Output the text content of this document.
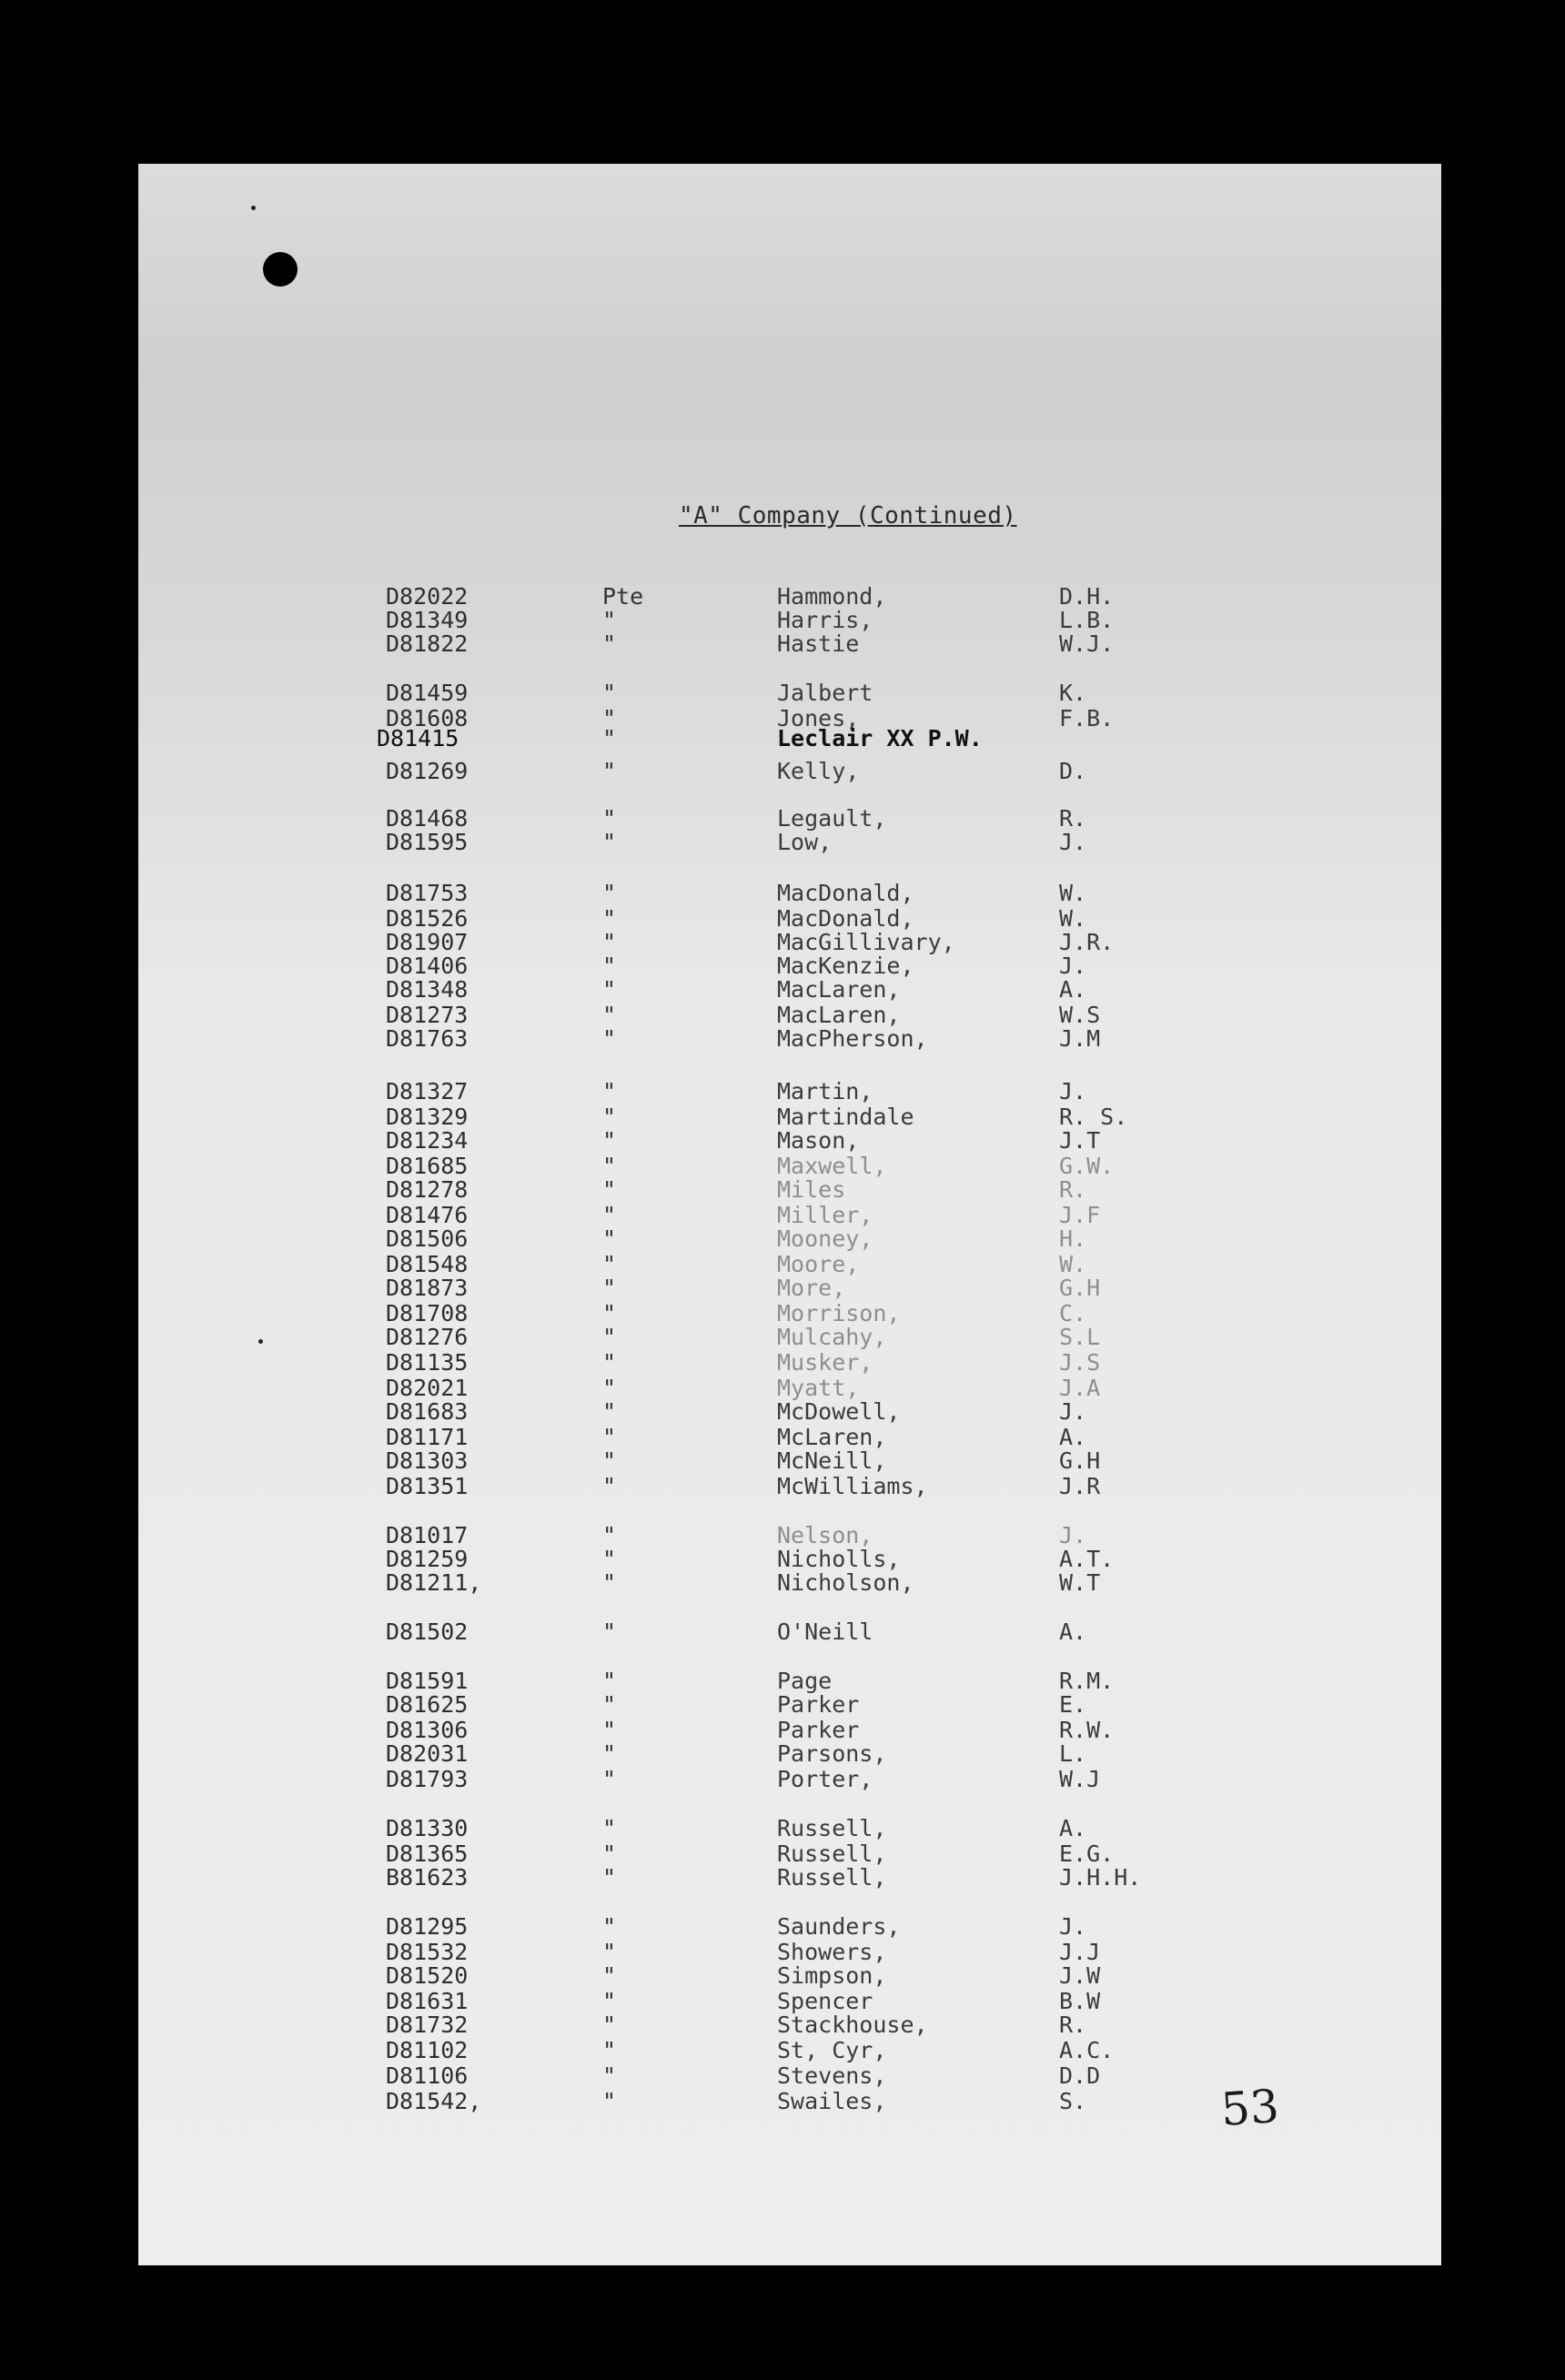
"A" Company (Continued)
D82022	Pte	Hammond,	D.H.
D81349	"	Harris,	L.B.
D81822	"	Hastie	W.J.
D81459	"	Jalbert	K.
D81608	"	Jones,	F.B.
D81415	"	Leclair XX P.W.
D81269	"	Kelly,	D.
D81468	"	Legault,	R.
D81595	"	Low,	J.
D81753	"	MacDonald,	W.
D81526	"	MacDonald,	W.
D81907	"	MacGillivary,	J.R.
D81406	"	MacKenzie,	J.
D81348	"	MacLaren,	A.
D81273	"	MacLaren,	W.S
D81763	"	MacPherson,	J.M
D81327	"	Martin,	J.
D81329	"	Martindale	R. S.
D81234	"	Mason,	J.T
D81685	"	Maxwell,	G.W.
D81278	"	Miles	R.
D81476	"	Miller,	J.F
D81506	"	Mooney,	H.
D81548	"	Moore,	W.
D81873	"	More,	G.H
D81708	"	Morrison,	C.
D81276	"	Mulcahy,	S.L
D81135	"	Musker,	J.S
D82021	"	Myatt,	J.A
D81683	"	McDowell,	J.
D81171	"	McLaren,	A.
D81303	"	McNeill,	G.H
D81351	"	McWilliams,	J.R
D81017	"	Nelson,	J.
D81259	"	Nicholls,	A.T.
D81211,	"	Nicholson,	W.T
D81502	"	O'Neill	A.
D81591	"	Page	R.M.
D81625	"	Parker	E.
D81306	"	Parker	R.W.
D82031	"	Parsons,	L.
D81793	"	Porter,	W.J
D81330	"	Russell,	A.
D81365	"	Russell,	E.G.
B81623	"	Russell,	J.H.H.
D81295	"	Saunders,	J.
D81532	"	Showers,	J.J
D81520	"	Simpson,	J.W
D81631	"	Spencer	B.W
D81732	"	Stackhouse,	R.
D81102	"	St, Cyr,	A.C.
D81106	"	Stevens,	D.D
D81542,	"	Swailes,	S.	53
